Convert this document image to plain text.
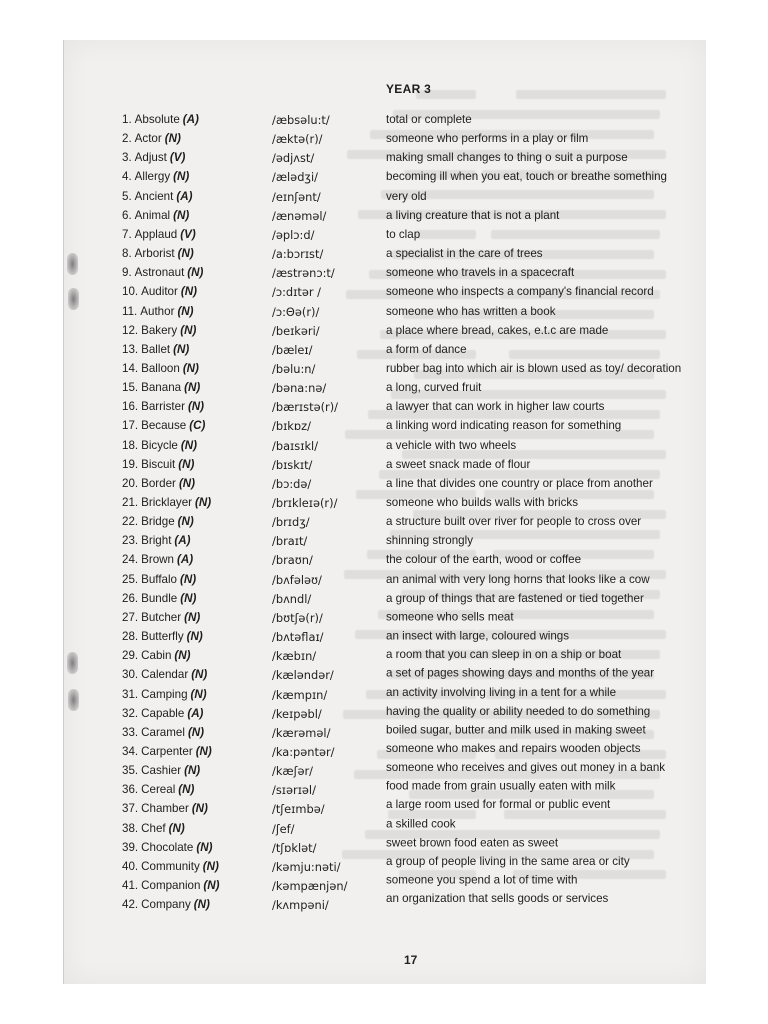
YEAR 3
1. Absolute (A)	/æbsəlu:t/	total or complete
2. Actor (N)	/æktə(r)/	someone who performs in a play or film
3. Adjust (V)	/ədjʌst/	making small changes to thing o suit a purpose
4. Allergy (N)	/ælədʒi/	becoming ill when you eat, touch or breathe something
5. Ancient (A)	/eɪnʃənt/	very old
6. Animal (N)	/ænəməl/	a living creature that is not a plant
7. Applaud (V)	/əplɔ:d/	to clap
8. Arborist (N)	/a:bɔrɪst/	a specialist in the care of trees
9. Astronaut (N)	/æstrənɔ:t/	someone who travels in a spacecraft
10. Auditor (N)	/ɔ:dɪtər /	someone who inspects a company's financial record
11. Author (N)	/ɔ:Θə(r)/	someone who has written a book
12. Bakery (N)	/beɪkəri/	a place where bread, cakes, e.t.c are made
13. Ballet (N)	/bæleɪ/	a form of dance
14. Balloon (N)	/bəlu:n/	rubber bag into which air is blown used as toy/ decoration
15. Banana (N)	/bəna:nə/	a long, curved fruit
16. Barrister (N)	/bærɪstə(r)/	a lawyer that can work in higher law courts
17. Because (C)	/bɪkɒz/	a linking word indicating reason for something
18. Bicycle (N)	/baɪsɪkl/	a vehicle with two wheels
19. Biscuit (N)	/bɪskɪt/	a sweet snack made of flour
20. Border (N)	/bɔ:də/	a line that divides one country or place from another
21. Bricklayer (N)	/brɪkleɪə(r)/	someone who builds walls with bricks
22. Bridge (N)	/brɪdʒ/	a structure built over river for people to cross over
23. Bright (A)	/braɪt/	shinning strongly
24. Brown (A)	/braʊn/	the colour of the earth, wood or coffee
25. Buffalo (N)	/bʌfələʊ/	an animal with very long horns that looks like a cow
26. Bundle (N)	/bʌndl/	a group of things that are fastened or tied together
27. Butcher (N)	/bʊtʃə(r)/	someone who sells meat
28. Butterfly (N)	/bʌtəflaɪ/	an insect with large, coloured wings
29. Cabin (N)	/kæbɪn/	a room that you can sleep in on a ship or boat
30. Calendar (N)	/kæləndər/	a set of pages showing days and months of the year
31. Camping (N)	/kæmpɪn/	an activity involving living in a tent for a while
32. Capable (A)	/keɪpəbl/	having the quality or ability needed to do something
33. Caramel (N)	/kærəməl/	boiled sugar, butter and milk used in making sweet
34. Carpenter (N)	/ka:pəntər/	someone who makes and repairs wooden objects
35. Cashier (N)	/kæʃər/	someone who receives and gives out money in a bank
36. Cereal (N)	/sɪərɪəl/	food made from grain usually eaten with milk
37. Chamber (N)	/tʃeɪmbə/	a large room used for formal or public event
38. Chef (N)	/ʃef/	a skilled cook
39. Chocolate (N)	/tʃɒklət/	sweet brown food eaten as sweet
40. Community (N)	/kəmju:nəti/	a group of people living in the same area or city
41. Companion (N)	/kəmpænjən/	someone you spend a lot of time with
42. Company (N)	/kʌmpəni/	an organization that sells goods or services
17
